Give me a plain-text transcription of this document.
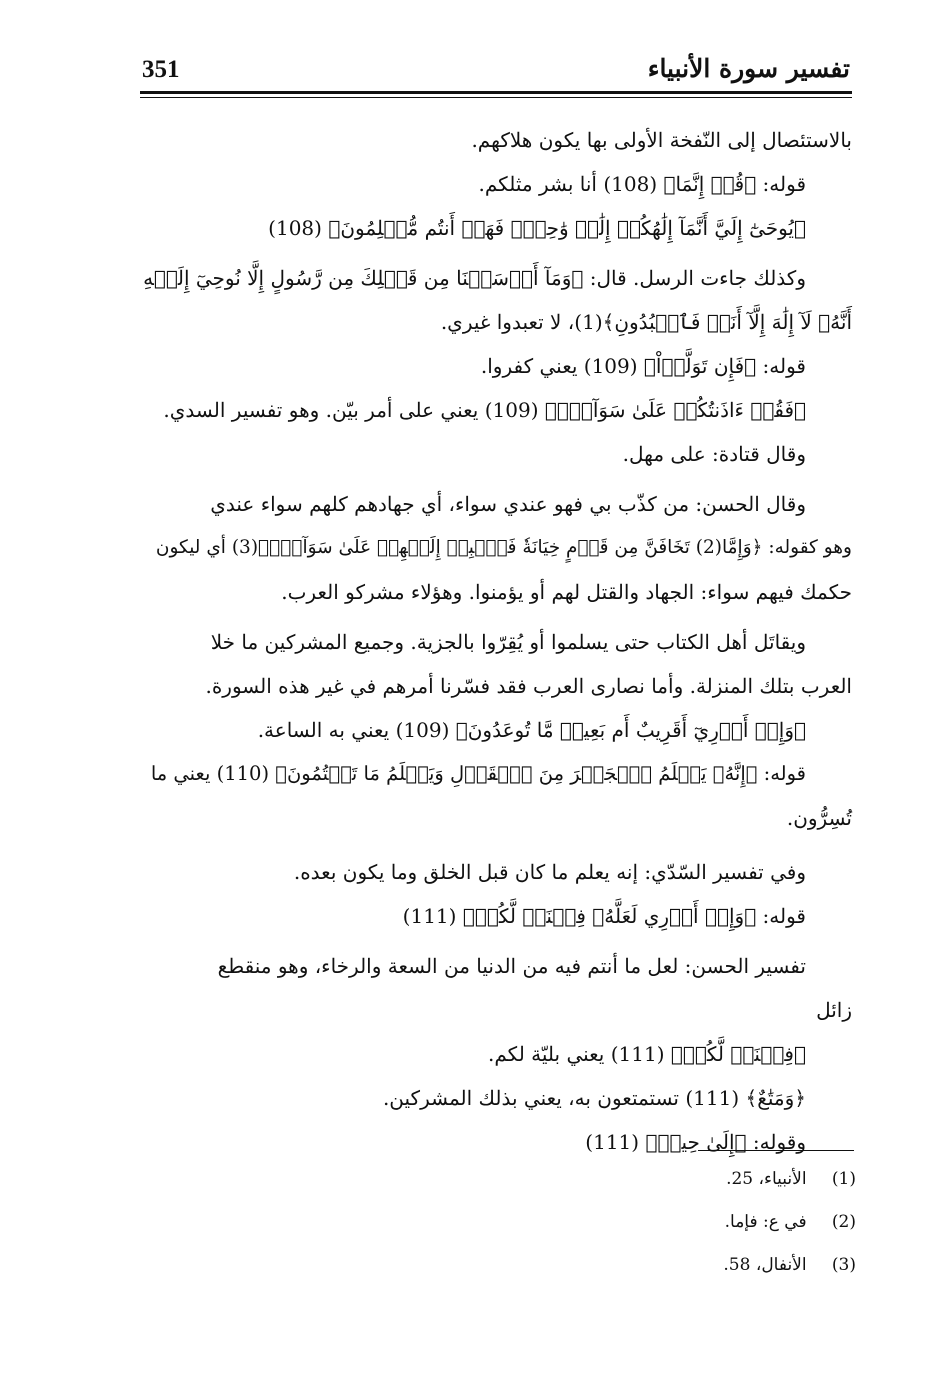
351	تفسير سورة الأنبياء
بالاستئصال إلى النّفخة الأولى بها يكون هلاكهم.
قوله: ﴿قُلۡ إِنَّمَا﴾ (108) أنا بشر مثلكم.
﴿يُوحَىٰٓ إِلَيَّ أَنَّمَآ إِلَٰهُكُمۡ إِلَٰهٞ وَٰحِدٞۖ فَهَلۡ أَنتُم مُّسۡلِمُونَ﴾ (108)
وكذلك جاءت الرسل. قال: ﴿وَمَآ أَرۡسَلۡنَا مِن قَبۡلِكَ مِن رَّسُولٍ إِلَّا نُوحِيٓ إِلَيۡهِ
أَنَّهُۥ لَآ إِلَٰهَ إِلَّآ أَنَا۠ فَٱعۡبُدُونِ﴾(1)، لا تعبدوا غيري.
قوله: ﴿فَإِن تَوَلَّوۡاْ﴾ (109) يعني كفروا.
﴿فَقُلۡ ءَاذَنتُكُمۡ عَلَىٰ سَوَآءٖۖ﴾ (109) يعني على أمر بيّن. وهو تفسير السدي.
وقال قتادة: على مهل.
وقال الحسن: من كذّب بي فهو عندي سواء، أي جهادهم كلهم سواء عندي
وهو كقوله: ﴿وَإِمَّا(2) تَخَافَنَّ مِن قَوۡمٍ خِيَانَةٗ فَٱنۢبِذۡ إِلَيۡهِمۡ عَلَىٰ سَوَآءٍۚ﴾(3) أي ليكون
حكمك فيهم سواء: الجهاد والقتل لهم أو يؤمنوا. وهؤلاء مشركو العرب.
ويقاتَل أهل الكتاب حتى يسلموا أو يُقِرّوا بالجزية. وجميع المشركين ما خلا
العرب بتلك المنزلة. وأما نصارى العرب فقد فسّرنا أمرهم في غير هذه السورة.
﴿وَإِنۡ أَدۡرِيٓ أَقَرِيبٌ أَم بَعِيدٞ مَّا تُوعَدُونَ﴾ (109) يعني به الساعة.
قوله: ﴿إِنَّهُۥ يَعۡلَمُ ٱلۡجَهۡرَ مِنَ ٱلۡقَوۡلِ وَيَعۡلَمُ مَا تَكۡتُمُونَ﴾ (110) يعني ما
تُسِرُّون.
وفي تفسير السّدّي: إنه يعلم ما كان قبل الخلق وما يكون بعده.
قوله: ﴿وَإِنۡ أَدۡرِي لَعَلَّهُۥ فِتۡنَةٞ لَّكُمۡ﴾ (111)
تفسير الحسن: لعل ما أنتم فيه من الدنيا من السعة والرخاء، وهو منقطع
زائل
﴿فِتۡنَةٞ لَّكُمۡ﴾ (111) يعني بليّة لكم.
﴿وَمَتَٰعٌ﴾ (111) تستمتعون به، يعني بذلك المشركين.
وقوله: ﴿إِلَىٰ حِينٖ﴾ (111)
(1) الأنبياء، 25.
(2) في ع: فإما.
(3) الأنفال، 58.
